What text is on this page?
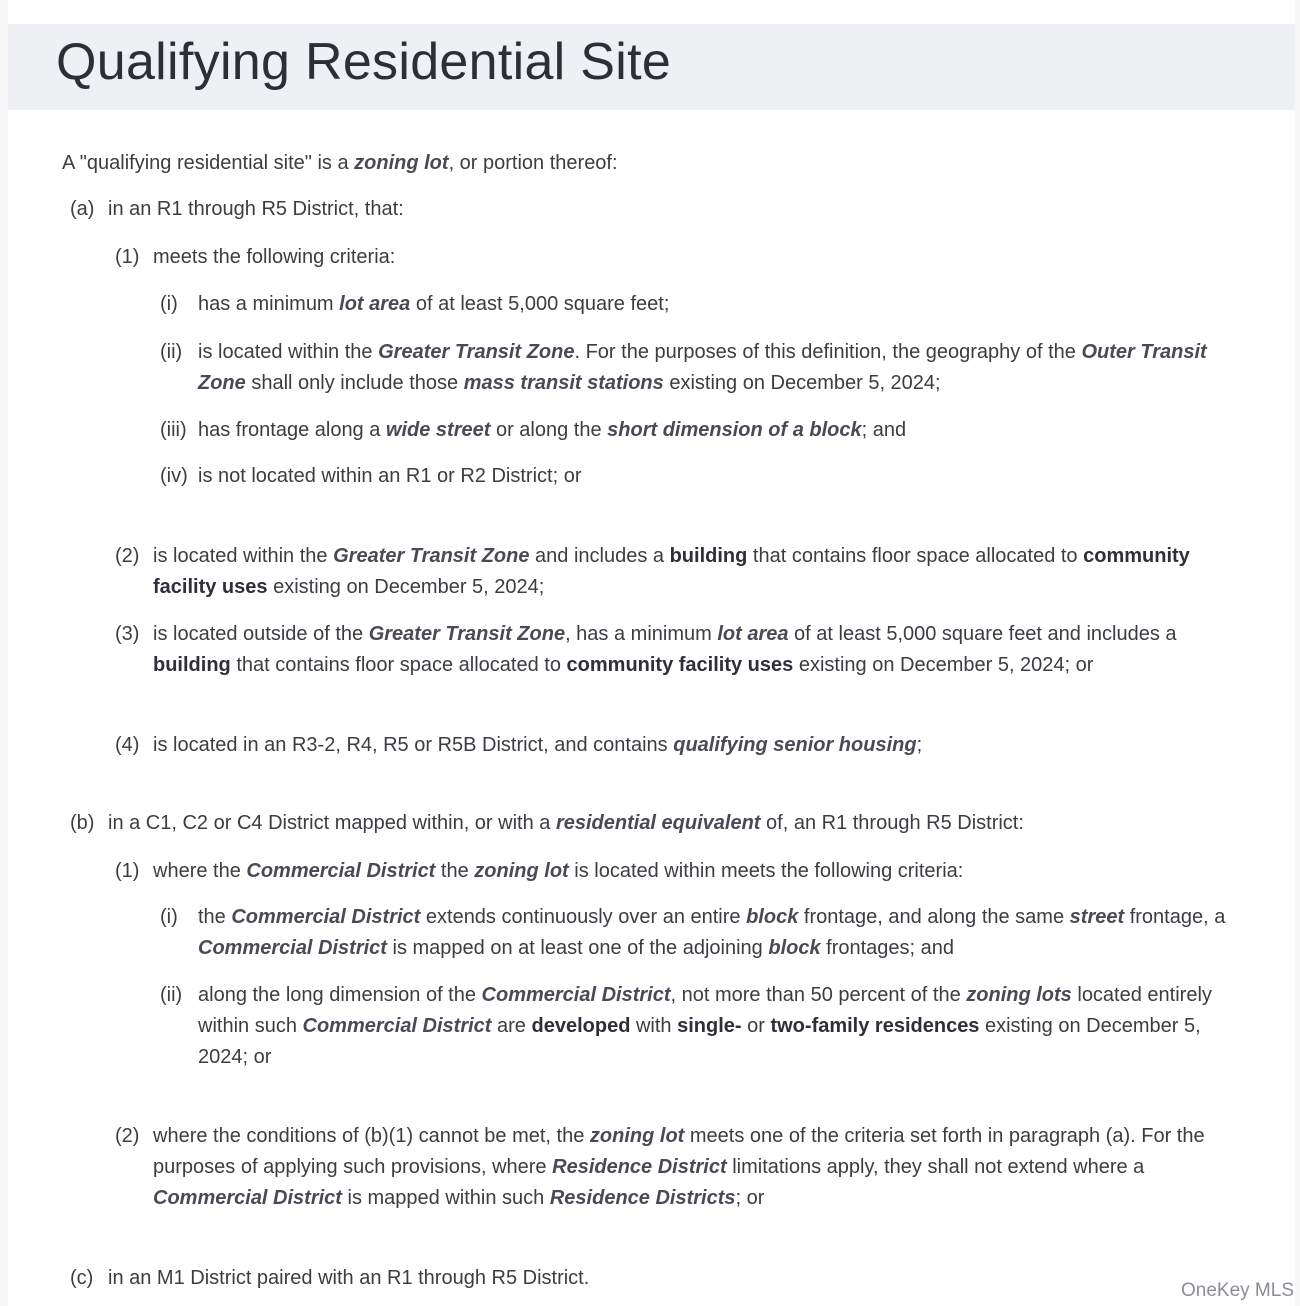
Qualifying Residential Site

A "qualifying residential site" is a zoning lot, or portion thereof:

(a) in an R1 through R5 District, that:
(1) meets the following criteria:
(i)	has a minimum lot area of at least 5,000 square feet;
(ii) is located within the Greater Transit Zone. For the purposes of this definition, the geography of the Outer Transit Zone shall only include those mass transit stations existing on December 5, 2024;
(iii) has frontage along a wide street or along the short dimension of a block; and
(iv) is not located within an R1 or R2 District; or
(2) is located within the Greater Transit Zone and includes a building that contains floor space allocated to community facility uses existing on December 5, 2024;
(3) is located outside of the Greater Transit Zone, has a minimum lot area of at least 5,000 square feet and includes a building that contains floor space allocated to community facility uses existing on December 5, 2024; or
(4) is located in an R3-2, R4, R5 or R5B District, and contains qualifying senior housing;
(b) in a C1, C2 or C4 District mapped within, or with a residential equivalent of, an R1 through R5 District:
(1) where the Commercial District the zoning lot is located within meets the following criteria:
(i)	the Commercial District extends continuously over an entire block frontage, and along the same street frontage, a Commercial District is mapped on at least one of the adjoining block frontages; and
(ii) along the long dimension of the Commercial District, not more than 50 percent of the zoning lots located entirely within such Commercial District are developed with single- or two-family residences existing on December 5, 2024; or
(2) where the conditions of (b)(1) cannot be met, the zoning lot meets one of the criteria set forth in paragraph (a). For the purposes of applying such provisions, where Residence District limitations apply, they shall not extend where a Commercial District is mapped within such Residence Districts; or
(c) in an M1 District paired with an R1 through R5 District.
OneKey MLS
